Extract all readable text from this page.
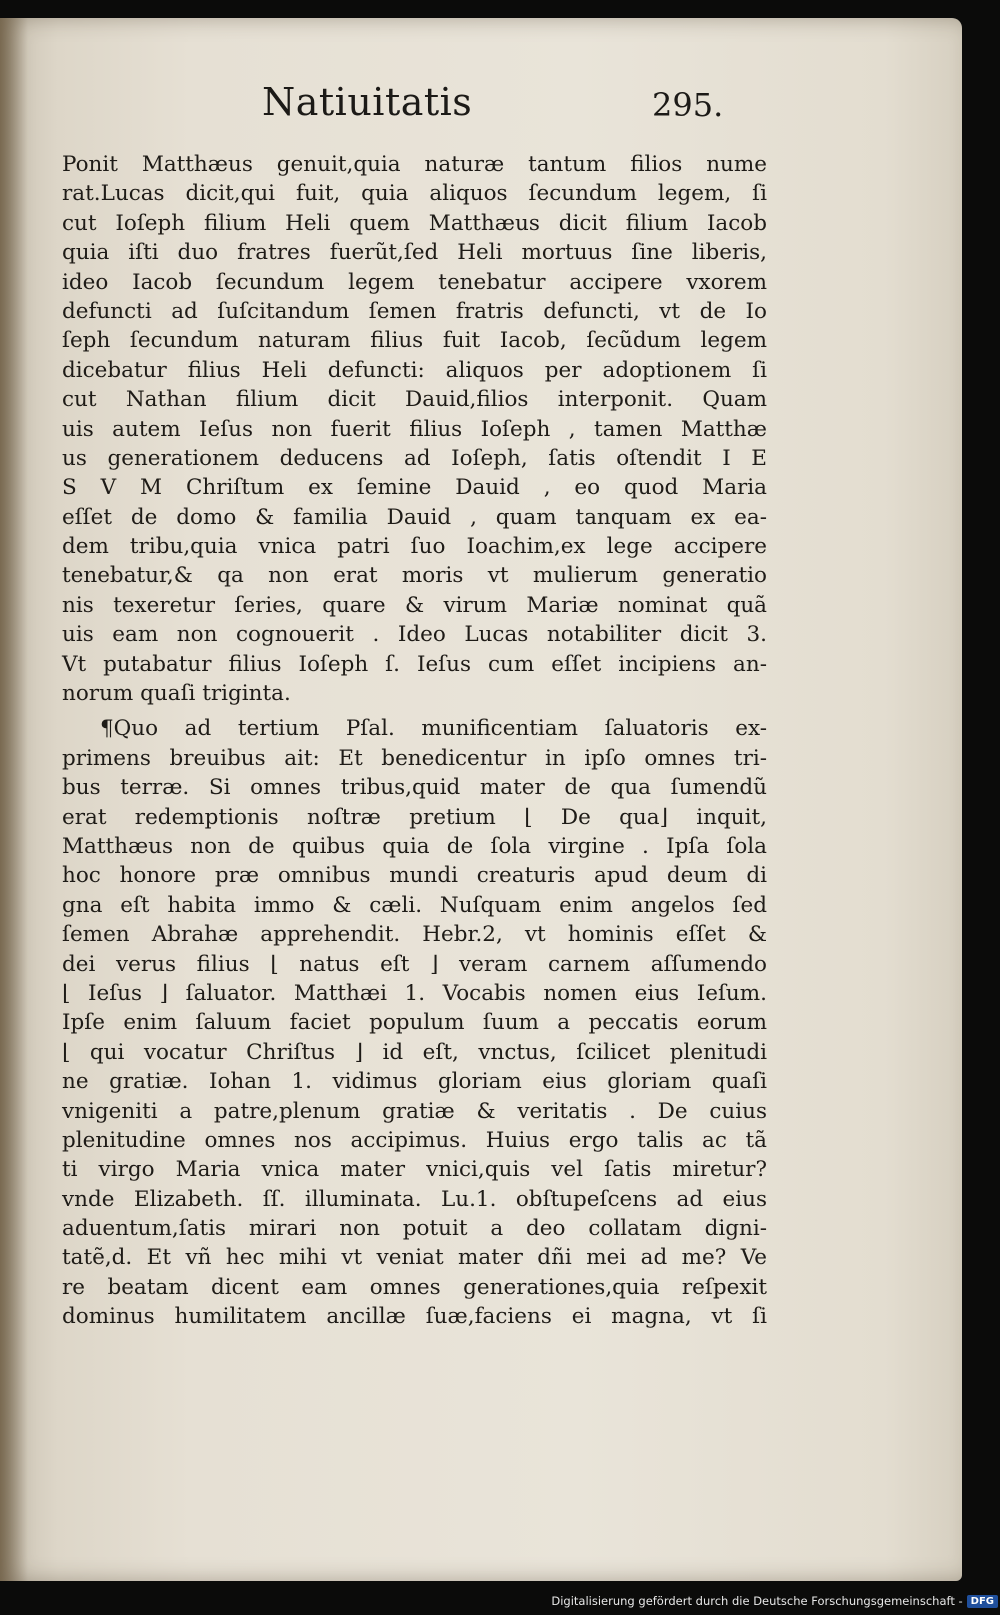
Natiuitatis	295.
Ponit Matthæus genuit,quia naturæ tantum filios nume
rat.Lucas dicit,qui fuit, quia aliquos ſecundum legem, ſi
cut Ioſeph filium Heli quem Matthæus dicit filium Iacob
quia iſti duo fratres fuerũt,ſed Heli mortuus ſine liberis,
ideo Iacob ſecundum legem tenebatur accipere vxorem
defuncti ad ſuſcitandum ſemen fratris defuncti, vt de Io
ſeph ſecundum naturam filius fuit Iacob, ſecũdum legem
dicebatur filius Heli defuncti: aliquos per adoptionem ſi
cut Nathan filium dicit Dauid,filios interponit. Quam
uis autem Ieſus non fuerit filius Ioſeph , tamen Matthæ
us generationem deducens ad Ioſeph, ſatis oſtendit I E
S V M Chriſtum ex ſemine Dauid , eo quod Maria
eſſet de domo & familia Dauid , quam tanquam ex ea-
dem tribu,quia vnica patri ſuo Ioachim,ex lege accipere
tenebatur,& qa non erat moris vt mulierum generatio
nis texeretur ſeries, quare & virum Mariæ nominat quã
uis eam non cognouerit . Ideo Lucas notabiliter dicit 3.
Vt putabatur filius Ioſeph ſ. Ieſus cum eſſet incipiens an-
norum quaſi triginta.
¶Quo ad tertium Pſal. munificentiam ſaluatoris ex-
primens breuibus ait: Et benedicentur in ipſo omnes tri-
bus terræ. Si omnes tribus,quid mater de qua ſumendũ
erat redemptionis noſtræ pretium ⌊ De qua⌋ inquit,
Matthæus non de quibus quia de ſola virgine . Ipſa ſola
hoc honore præ omnibus mundi creaturis apud deum di
gna eſt habita immo & cæli. Nuſquam enim angelos ſed
ſemen Abrahæ apprehendit. Hebr.2, vt hominis eſſet &
dei verus filius ⌊ natus eſt ⌋ veram carnem aſſumendo
⌊ Ieſus ⌋ ſaluator. Matthæi 1. Vocabis nomen eius Ieſum.
Ipſe enim ſaluum faciet populum ſuum a peccatis eorum
⌊ qui vocatur Chriſtus ⌋ id eſt, vnctus, ſcilicet plenitudi
ne gratiæ. Iohan 1. vidimus gloriam eius gloriam quaſi
vnigeniti a patre,plenum gratiæ & veritatis . De cuius
plenitudine omnes nos accipimus. Huius ergo talis ac tã
ti virgo Maria vnica mater vnici,quis vel ſatis miretur?
vnde Elizabeth. ſſ. illuminata. Lu.1. obſtupeſcens ad eius
aduentum,ſatis mirari non potuit a deo collatam digni-
tatẽ,d. Et vñ hec mihi vt veniat mater dñi mei ad me? Ve
re beatam dicent eam omnes generationes,quia reſpexit
dominus humilitatem ancillæ ſuæ,faciens ei magna, vt ſi
Digitalisierung gefördert durch die Deutsche Forschungsgemeinschaft - DFG
